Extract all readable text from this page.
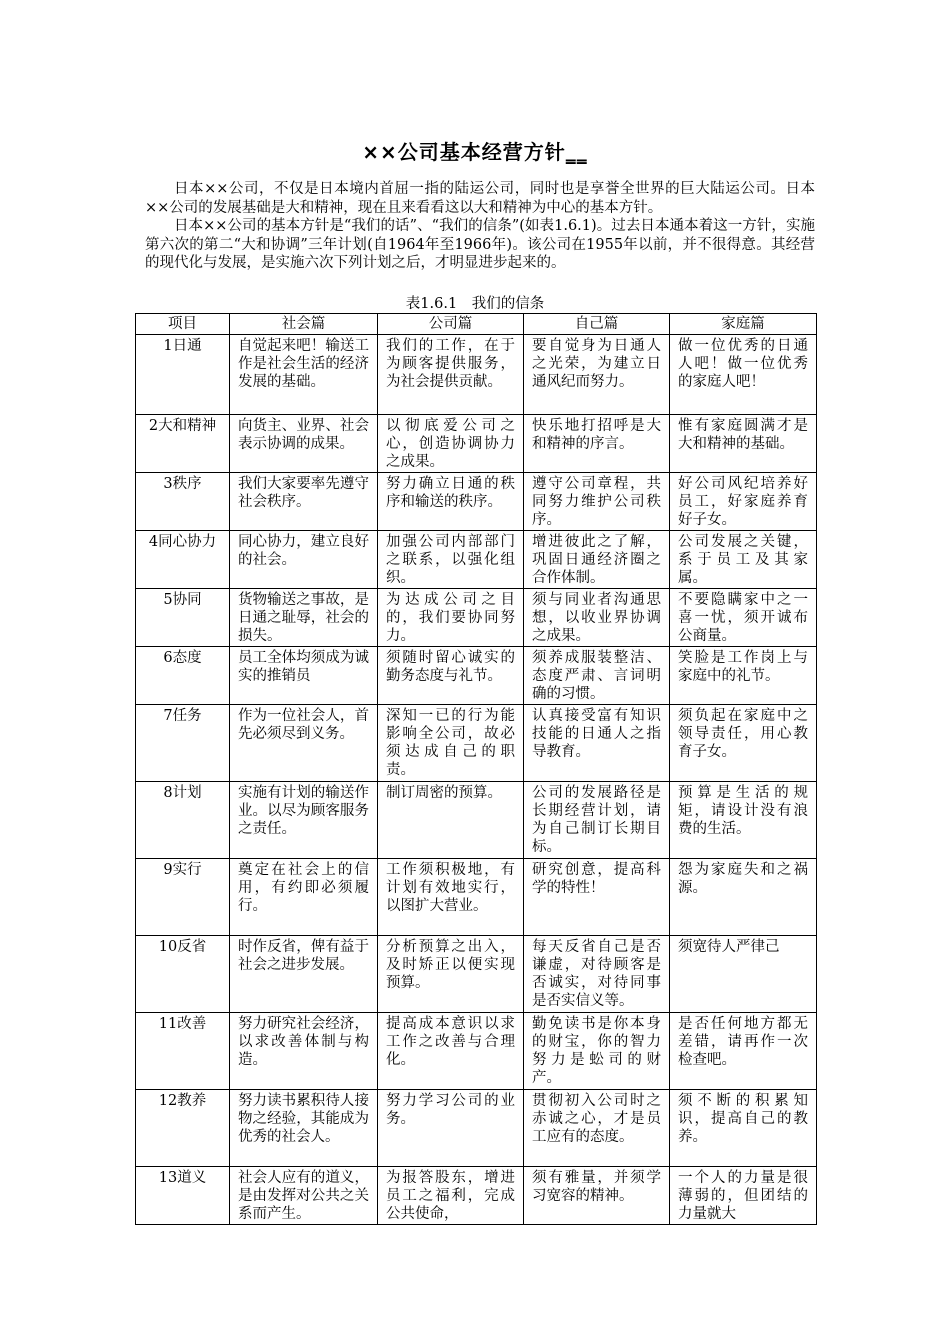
××公司基本经营方针‗‗

日本××公司，不仅是日本境内首屈一指的陆运公司，同时也是享誉全世界的巨大陆运公司。日本××公司的发展基础是大和精神，现在且来看看这以大和精神为中心的基本方针。

日本××公司的基本方针是“我们的话”、“我们的信条”(如表1.6.1)。过去日本通本着这一方针，实施第六次的第二“大和协调”三年计划(自1964年至1966年)。该公司在1955年以前，并不很得意。其经营的现代化与发展，是实施六次下列计划之后，才明显进步起来的。

表1.6.1　我们的信条
项目	社会篇	公司篇	自己篇	家庭篇
1日通	自觉起来吧！输送工作是社会生活的经济发展的基础。	我们的工作，在于为顾客提供服务，为社会提供贡献。	要自觉身为日通人之光荣，为建立日通风纪而努力。	做一位优秀的日通人吧！做一位优秀的家庭人吧！
2大和精神	向货主、业界、社会表示协调的成果。	以彻底爱公司之心，创造协调协力之成果。	快乐地打招呼是大和精神的序言。	惟有家庭圆满才是大和精神的基础。
3秩序	我们大家要率先遵守社会秩序。	努力确立日通的秩序和输送的秩序。	遵守公司章程，共同努力维护公司秩序。	好公司风纪培养好员工，好家庭养育好子女。
4同心协力	同心协力，建立良好的社会。	加强公司内部部门之联系，以强化组织。	增进彼此之了解，巩固日通经济圈之合作体制。	公司发展之关键，系于员工及其家属。
5协同	货物输送之事故，是日通之耻辱，社会的损失。	为达成公司之目的，我们要协同努力。	须与同业者沟通思想，以收业界协调之成果。	不要隐瞒家中之一喜一忧，须开诚布公商量。
6态度	员工全体均须成为诚实的推销员	须随时留心诚实的勤务态度与礼节。	须养成服装整洁、态度严肃、言词明确的习惯。	笑脸是工作岗上与家庭中的礼节。
7任务	作为一位社会人，首先必须尽到义务。	深知一已的行为能影响全公司，故必须达成自己的职责。	认真接受富有知识技能的日通人之指导教育。	须负起在家庭中之领导责任，用心教育子女。
8计划	实施有计划的输送作业。以尽为顾客服务之责任。	制订周密的预算。	公司的发展路径是长期经营计划，请为自己制订长期目标。	预算是生活的规矩，请设计没有浪费的生活。
9实行	奠定在社会上的信用，有约即必须履行。	工作须积极地，有计划有效地实行，以图扩大营业。	研究创意，提高科学的特性！	怨为家庭失和之祸源。
10反省	时作反省，俾有益于社会之进步发展。	分析预算之出入，及时矫正以便实现预算。	每天反省自己是否谦虚，对待顾客是否诚实，对待同事是否实信义等。	须宽待人严律己
11改善	努力研究社会经济，以求改善体制与构造。	提高成本意识以求工作之改善与合理化。	勤免读书是你本身的财宝，你的智力努力是蚣司的财产。	是否任何地方都无差错，请再作一次检查吧。
12教养	努力读书累积待人接物之经验，其能成为优秀的社会人。	努力学习公司的业务。	贯彻初入公司时之赤诚之心，才是员工应有的态度。	须不断的积累知识，提高自己的教养。
13道义	社会人应有的道义，是由发挥对公共之关系而产生。	为报答股东，增进员工之福利，完成公共使命，	须有雅量，并须学习宽容的精神。	一个人的力量是很薄弱的，但团结的力量就大
